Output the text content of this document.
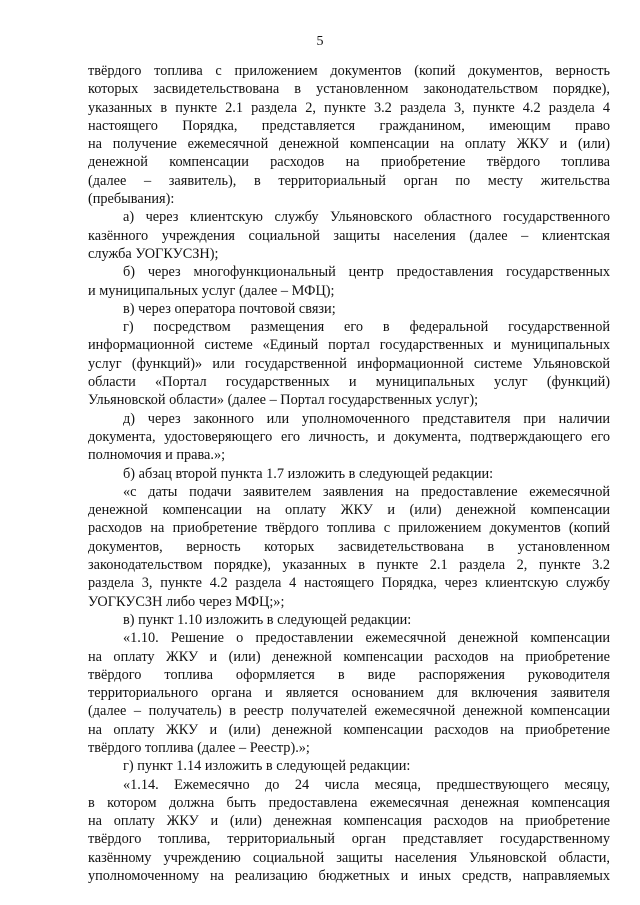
5
твёрдого топлива с приложением документов (копий документов, верность
которых засвидетельствована в установленном законодательством порядке),
указанных в пункте 2.1 раздела 2, пункте 3.2 раздела 3, пункте 4.2 раздела 4
настоящего Порядка, представляется гражданином, имеющим право
на получение ежемесячной денежной компенсации на оплату ЖКУ и (или)
денежной компенсации расходов на приобретение твёрдого топлива
(далее – заявитель), в территориальный орган по месту жительства
(пребывания):
а) через клиентскую службу Ульяновского областного государственного
казённого учреждения социальной защиты населения (далее – клиентская
служба УОГКУСЗН);
б) через многофункциональный центр предоставления государственных
и муниципальных услуг (далее – МФЦ);
в) через оператора почтовой связи;
г) посредством размещения его в федеральной государственной
информационной системе «Единый портал государственных и муниципальных
услуг (функций)» или государственной информационной системе Ульяновской
области «Портал государственных и муниципальных услуг (функций)
Ульяновской области» (далее – Портал государственных услуг);
д) через законного или уполномоченного представителя при наличии
документа, удостоверяющего его личность, и документа, подтверждающего его
полномочия и права.»;
б) абзац второй пункта 1.7 изложить в следующей редакции:
«с даты подачи заявителем заявления на предоставление ежемесячной
денежной компенсации на оплату ЖКУ и (или) денежной компенсации
расходов на приобретение твёрдого топлива с приложением документов (копий
документов, верность которых засвидетельствована в установленном
законодательством порядке), указанных в пункте 2.1 раздела 2, пункте 3.2
раздела 3, пункте 4.2 раздела 4 настоящего Порядка, через клиентскую службу
УОГКУСЗН либо через МФЦ;»;
в) пункт 1.10 изложить в следующей редакции:
«1.10. Решение о предоставлении ежемесячной денежной компенсации
на оплату ЖКУ и (или) денежной компенсации расходов на приобретение
твёрдого топлива оформляется в виде распоряжения руководителя
территориального органа и является основанием для включения заявителя
(далее – получатель) в реестр получателей ежемесячной денежной компенсации
на оплату ЖКУ и (или) денежной компенсации расходов на приобретение
твёрдого топлива (далее – Реестр).»;
г) пункт 1.14 изложить в следующей редакции:
«1.14. Ежемесячно до 24 числа месяца, предшествующего месяцу,
в котором должна быть предоставлена ежемесячная денежная компенсация
на оплату ЖКУ и (или) денежная компенсация расходов на приобретение
твёрдого топлива, территориальный орган представляет государственному
казённому учреждению социальной защиты населения Ульяновской области,
уполномоченному на реализацию бюджетных и иных средств, направляемых
